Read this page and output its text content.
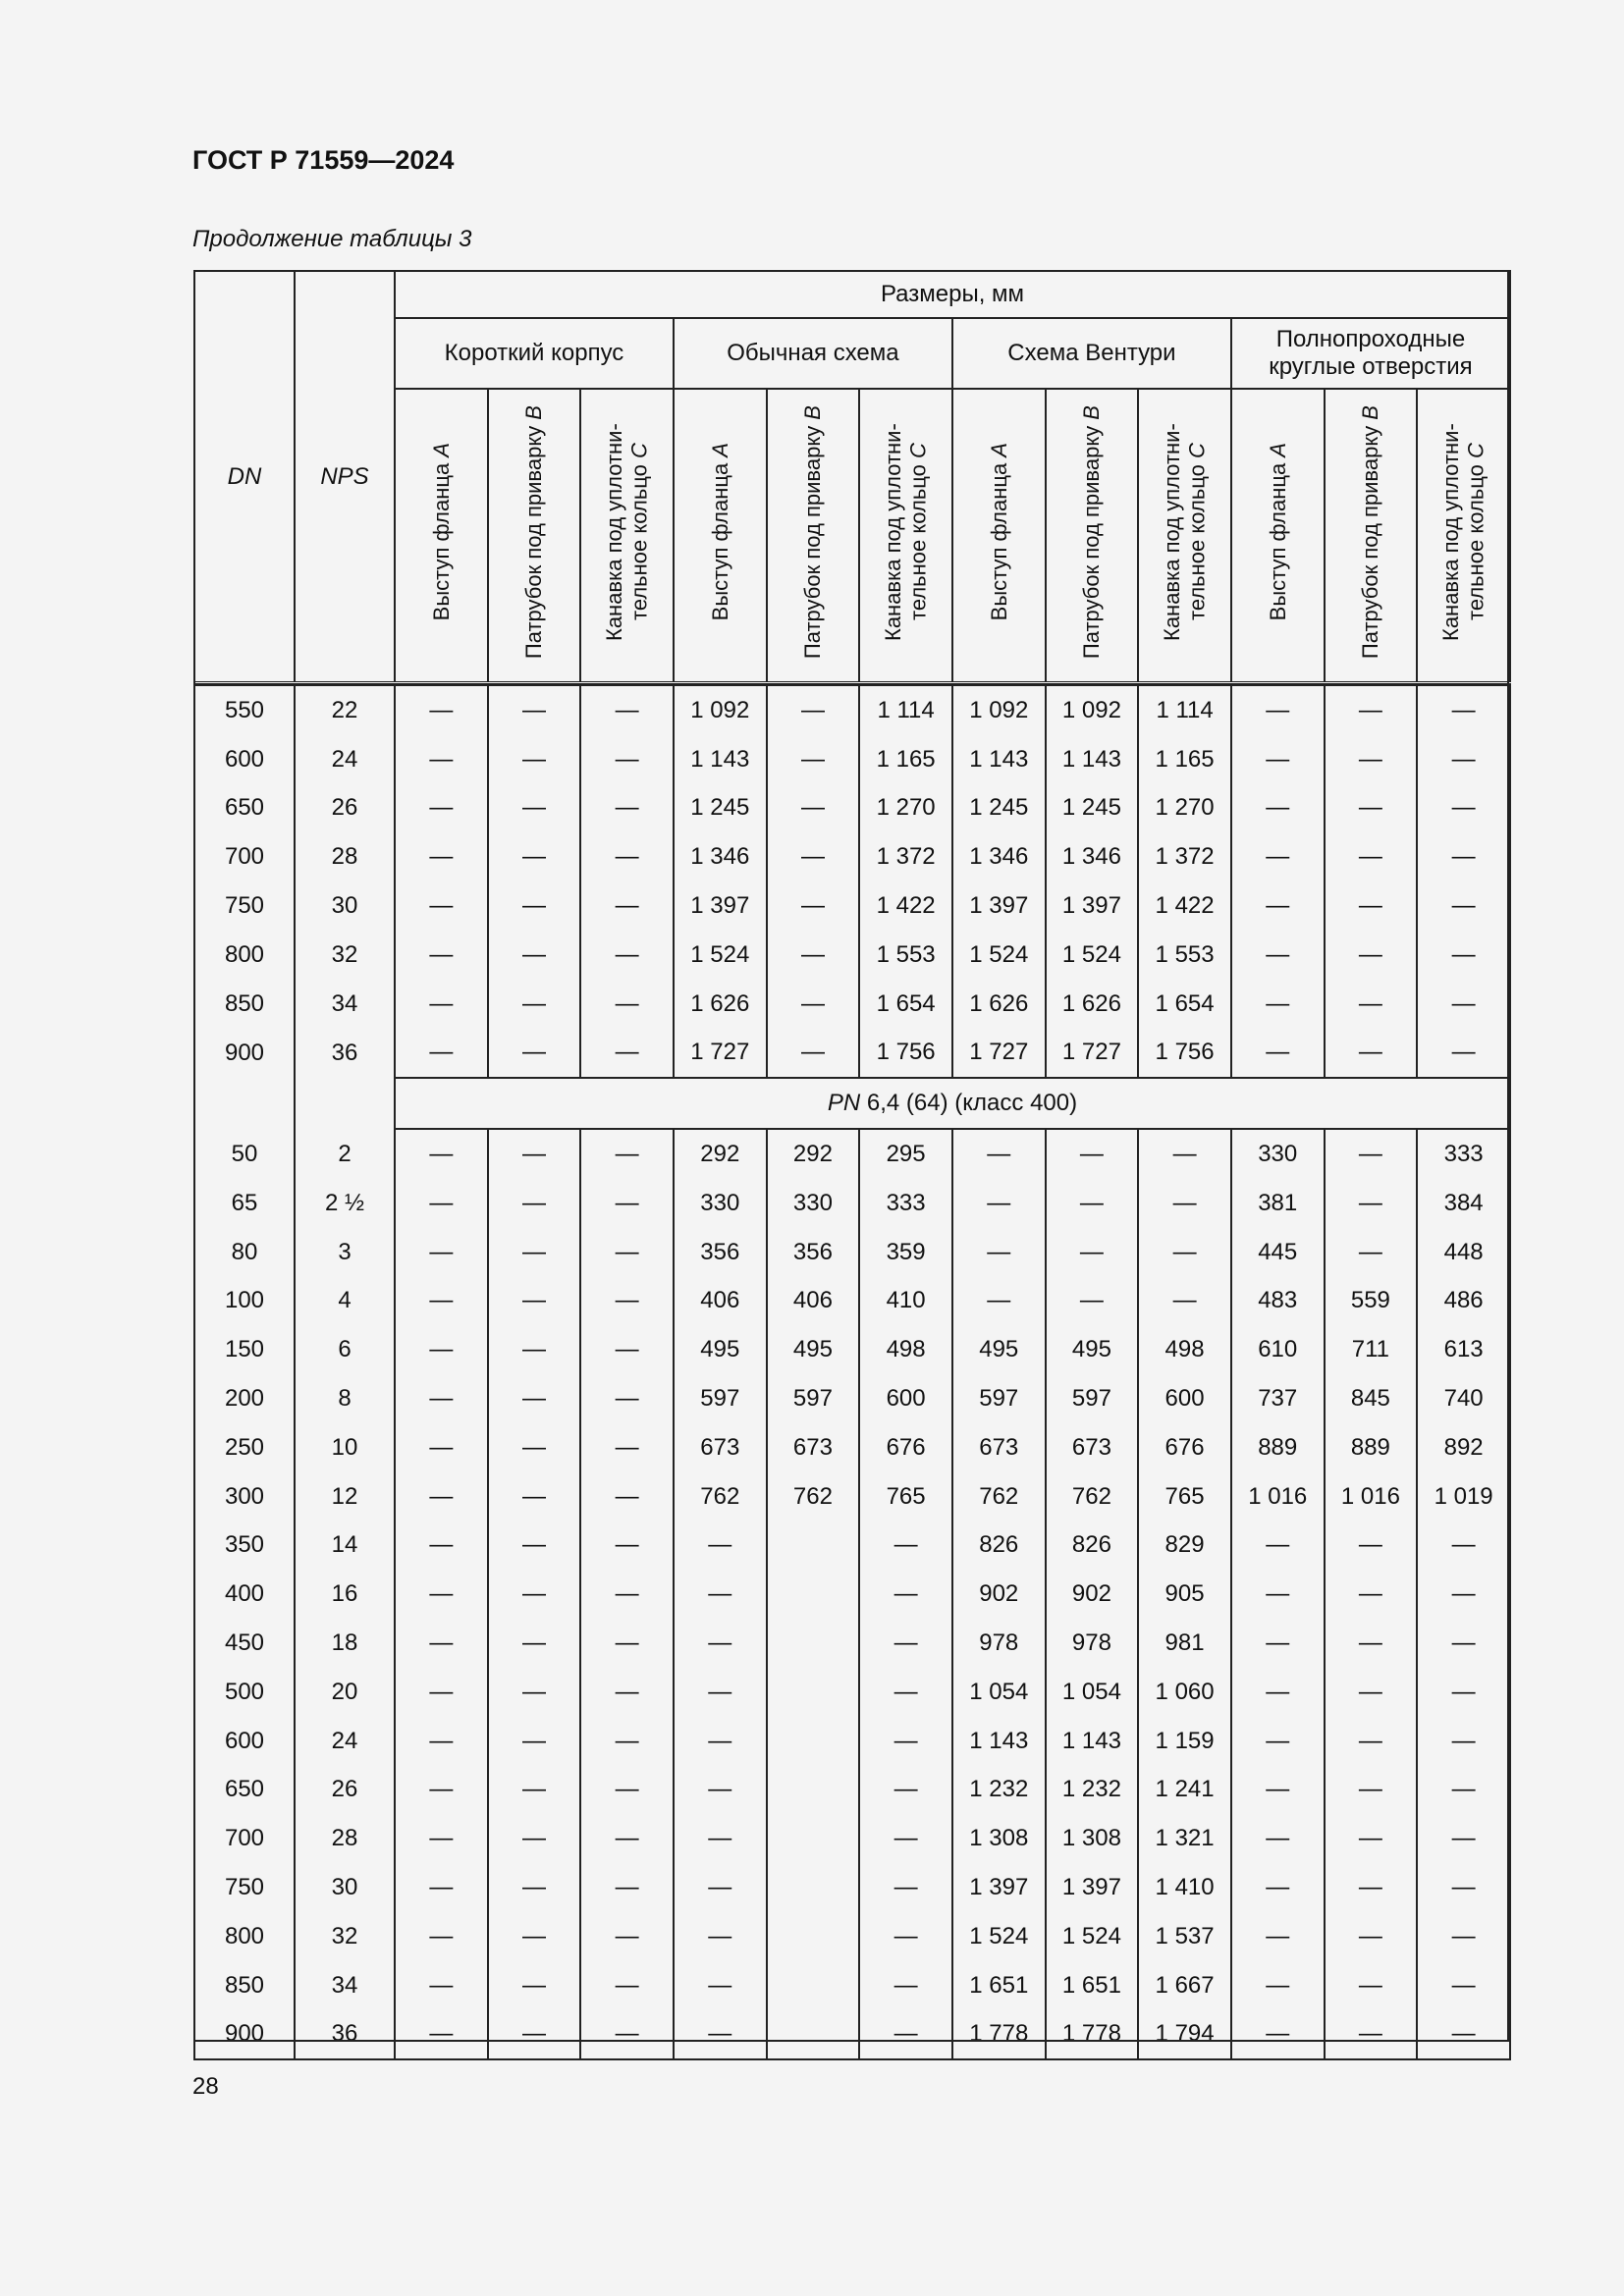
ГОСТ Р 71559—2024

Продолжение таблицы 3

DN	NPS	Размеры, мм											
		Короткий корпус			Обычная схема			Схема Вентури			Полнопроходные круглые отверстия		
		Выступ фланца A	Патрубок под приварку B	Канавка под уплотни-тельное кольцо C	Выступ фланца A	Патрубок под приварку B	Канавка под уплотни-тельное кольцо C	Выступ фланца A	Патрубок под приварку B	Канавка под уплотни-тельное кольцо C	Выступ фланца A	Патрубок под приварку B	Канавка под уплотни-тельное кольцо C

550	22	—	—	—	1 092	—	1 114	1 092	1 092	1 114	—	—	—
600	24	—	—	—	1 143	—	1 165	1 143	1 143	1 165	—	—	—
650	26	—	—	—	1 245	—	1 270	1 245	1 245	1 270	—	—	—
700	28	—	—	—	1 346	—	1 372	1 346	1 346	1 372	—	—	—
750	30	—	—	—	1 397	—	1 422	1 397	1 397	1 422	—	—	—
800	32	—	—	—	1 524	—	1 553	1 524	1 524	1 553	—	—	—
850	34	—	—	—	1 626	—	1 654	1 626	1 626	1 654	—	—	—
900	36	—	—	—	1 727	—	1 756	1 727	1 727	1 756	—	—	—
		PN 6,4 (64) (класс 400)											
50	2	—	—	—	292	292	295	—	—	—	330	—	333
65	2 ½	—	—	—	330	330	333	—	—	—	381	—	384
80	3	—	—	—	356	356	359	—	—	—	445	—	448
100	4	—	—	—	406	406	410	—	—	—	483	559	486
150	6	—	—	—	495	495	498	495	495	498	610	711	613
200	8	—	—	—	597	597	600	597	597	600	737	845	740
250	10	—	—	—	673	673	676	673	673	676	889	889	892
300	12	—	—	—	762	762	765	762	762	765	1 016	1 016	1 019
350	14	—	—	—	—		—	826	826	829	—	—	—
400	16	—	—	—	—		—	902	902	905	—	—	—
450	18	—	—	—	—		—	978	978	981	—	—	—
500	20	—	—	—	—		—	1 054	1 054	1 060	—	—	—
600	24	—	—	—	—		—	1 143	1 143	1 159	—	—	—
650	26	—	—	—	—		—	1 232	1 232	1 241	—	—	—
700	28	—	—	—	—		—	1 308	1 308	1 321	—	—	—
750	30	—	—	—	—		—	1 397	1 397	1 410	—	—	—
800	32	—	—	—	—		—	1 524	1 524	1 537	—	—	—
850	34	—	—	—	—		—	1 651	1 651	1 667	—	—	—
900	36	—	—	—	—		—	1 778	1 778	1 794	—	—	—
28
